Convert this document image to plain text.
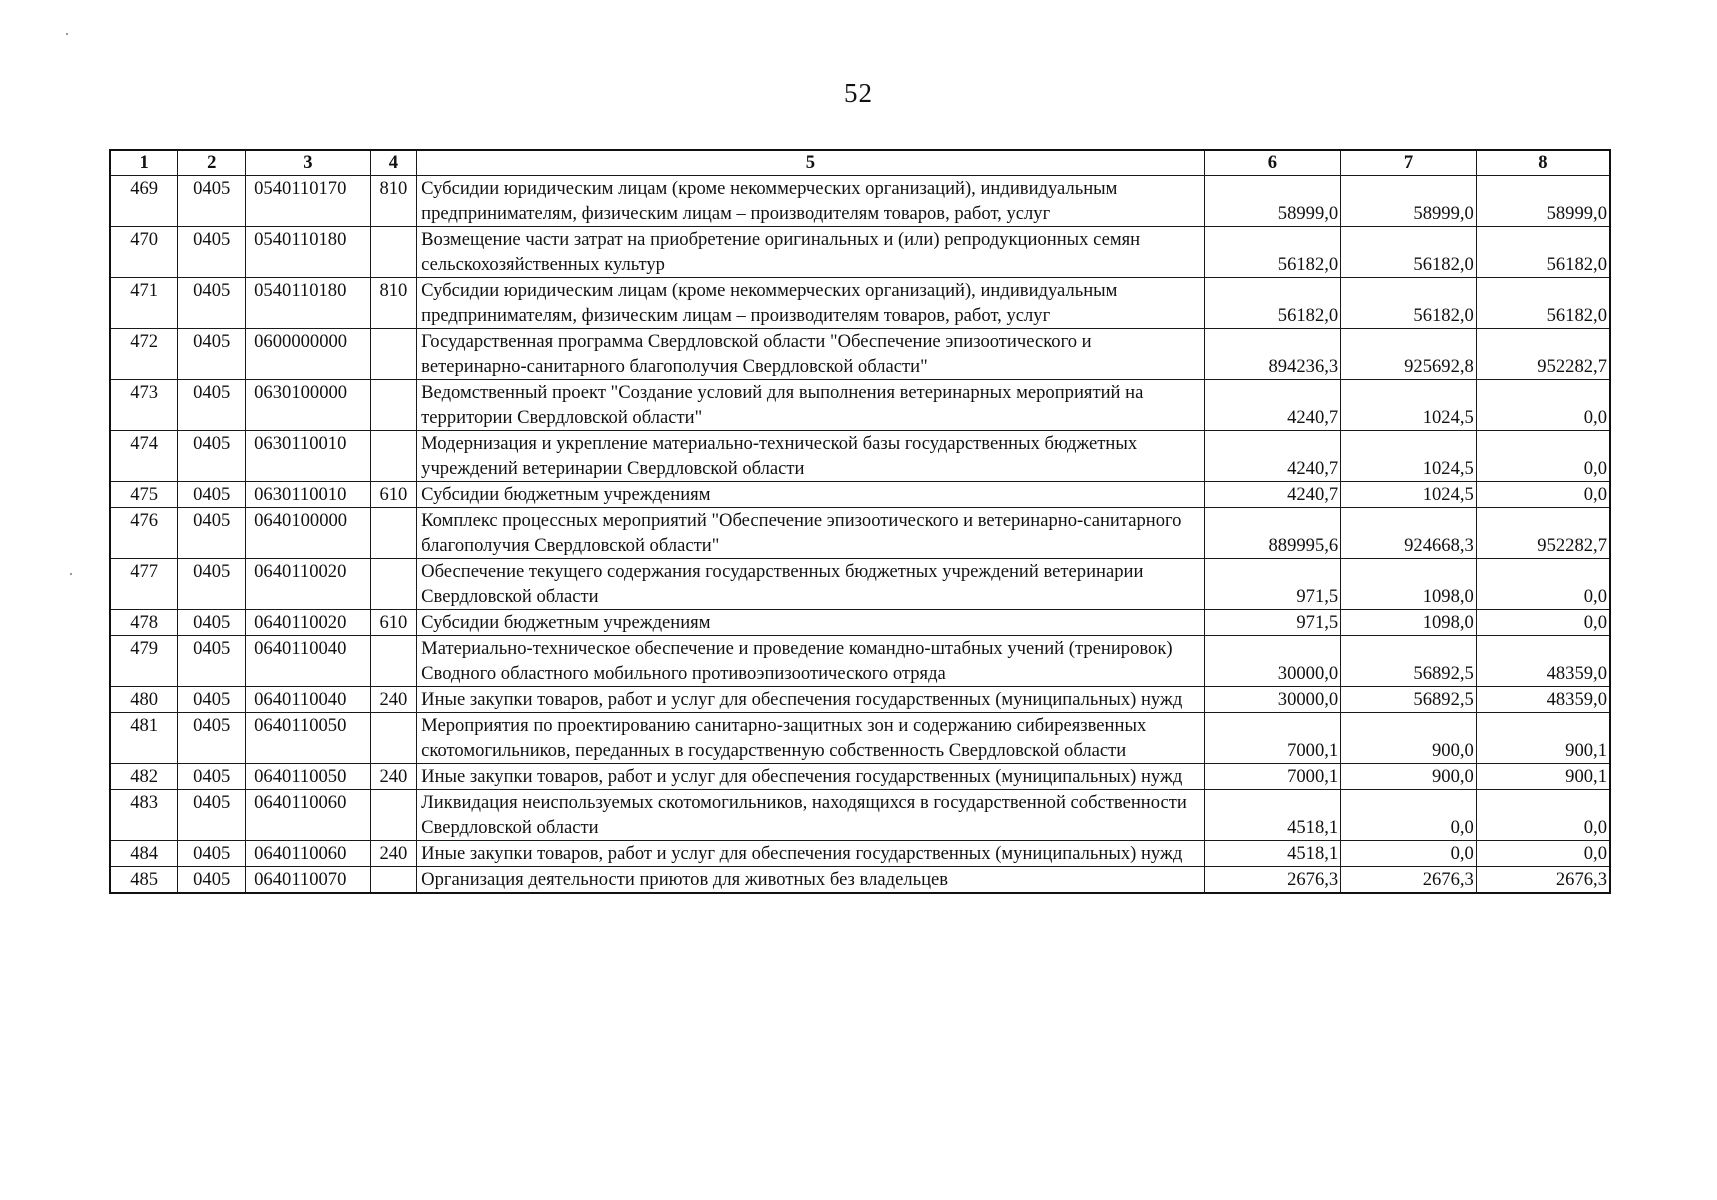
52
1	2	3	4	5	6	7	8
469	0405	0540110170	810	Субсидии юридическим лицам (кроме некоммерческих организаций), индивидуальным предпринимателям, физическим лицам – производителям товаров, работ, услуг	58999,0	58999,0	58999,0
470	0405	0540110180		Возмещение части затрат на приобретение оригинальных и (или) репродукционных семян сельскохозяйственных культур	56182,0	56182,0	56182,0
471	0405	0540110180	810	Субсидии юридическим лицам (кроме некоммерческих организаций), индивидуальным предпринимателям, физическим лицам – производителям товаров, работ, услуг	56182,0	56182,0	56182,0
472	0405	0600000000		Государственная программа Свердловской области "Обеспечение эпизоотического и ветеринарно-санитарного благополучия Свердловской области"	894236,3	925692,8	952282,7
473	0405	0630100000		Ведомственный проект "Создание условий для выполнения ветеринарных мероприятий на территории Свердловской области"	4240,7	1024,5	0,0
474	0405	0630110010		Модернизация и укрепление материально-технической базы государственных бюджетных учреждений ветеринарии Свердловской области	4240,7	1024,5	0,0
475	0405	0630110010	610	Субсидии бюджетным учреждениям	4240,7	1024,5	0,0
476	0405	0640100000		Комплекс процессных мероприятий "Обеспечение эпизоотического и ветеринарно-санитарного благополучия Свердловской области"	889995,6	924668,3	952282,7
477	0405	0640110020		Обеспечение текущего содержания государственных бюджетных учреждений ветеринарии Свердловской области	971,5	1098,0	0,0
478	0405	0640110020	610	Субсидии бюджетным учреждениям	971,5	1098,0	0,0
479	0405	0640110040		Материально-техническое обеспечение и проведение командно-штабных учений (тренировок) Сводного областного мобильного противоэпизоотического отряда	30000,0	56892,5	48359,0
480	0405	0640110040	240	Иные закупки товаров, работ и услуг для обеспечения государственных (муниципальных) нужд	30000,0	56892,5	48359,0
481	0405	0640110050		Мероприятия по проектированию санитарно-защитных зон и содержанию сибиреязвенных скотомогильников, переданных в государственную собственность Свердловской области	7000,1	900,0	900,1
482	0405	0640110050	240	Иные закупки товаров, работ и услуг для обеспечения государственных (муниципальных) нужд	7000,1	900,0	900,1
483	0405	0640110060		Ликвидация неиспользуемых скотомогильников, находящихся в государственной собственности Свердловской области	4518,1	0,0	0,0
484	0405	0640110060	240	Иные закупки товаров, работ и услуг для обеспечения государственных (муниципальных) нужд	4518,1	0,0	0,0
485	0405	0640110070		Организация деятельности приютов для животных без владельцев	2676,3	2676,3	2676,3
